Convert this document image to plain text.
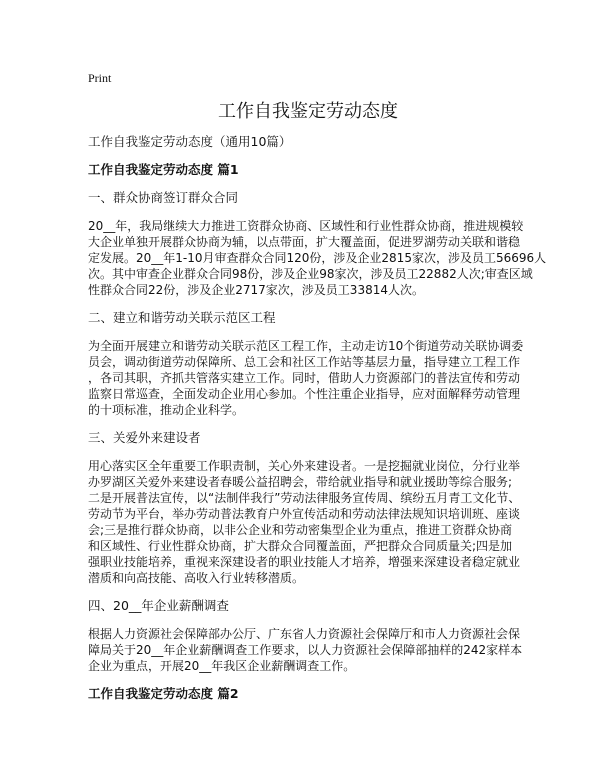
Print
工作自我鉴定劳动态度
工作自我鉴定劳动态度（通用10篇）
工作自我鉴定劳动态度 篇1
一、群众协商签订群众合同
20__年，我局继续大力推进工资群众协商、区域性和行业性群众协商，推进规模较
大企业单独开展群众协商为辅，以点带面，扩大覆盖面，促进罗湖劳动关联和谐稳
定发展。20__年1-10月审查群众合同120份，涉及企业2815家次，涉及员工56696人
次。其中审查企业群众合同98份，涉及企业98家次，涉及员工22882人次;审查区域
性群众合同22份，涉及企业2717家次，涉及员工33814人次。
二、建立和谐劳动关联示范区工程
为全面开展建立和谐劳动关联示范区工程工作，主动走访10个街道劳动关联协调委
员会，调动街道劳动保障所、总工会和社区工作站等基层力量，指导建立工程工作
，各司其职，齐抓共管落实建立工作。同时，借助人力资源部门的普法宣传和劳动
监察日常巡查，全面发动企业用心参加。个性注重企业指导，应对面解释劳动管理
的十项标准，推动企业科学。
三、关爱外来建设者
用心落实区全年重要工作职责制，关心外来建设者。一是挖掘就业岗位，分行业举
办罗湖区关爱外来建设者春暖公益招聘会，带给就业指导和就业援助等综合服务;
二是开展普法宣传，以“法制伴我行”劳动法律服务宣传周、缤纷五月青工文化节、
劳动节为平台，举办劳动普法教育户外宣传活动和劳动法律法规知识培训班、座谈
会;三是推行群众协商，以非公企业和劳动密集型企业为重点，推进工资群众协商
和区域性、行业性群众协商，扩大群众合同覆盖面，严把群众合同质量关;四是加
强职业技能培养，重视来深建设者的职业技能人才培养，增强来深建设者稳定就业
潜质和向高技能、高收入行业转移潜质。
四、20__年企业薪酬调查
根据人力资源社会保障部办公厅、广东省人力资源社会保障厅和市人力资源社会保
障局关于20__年企业薪酬调查工作要求，以人力资源社会保障部抽样的242家样本
企业为重点，开展20__年我区企业薪酬调查工作。
工作自我鉴定劳动态度 篇2
